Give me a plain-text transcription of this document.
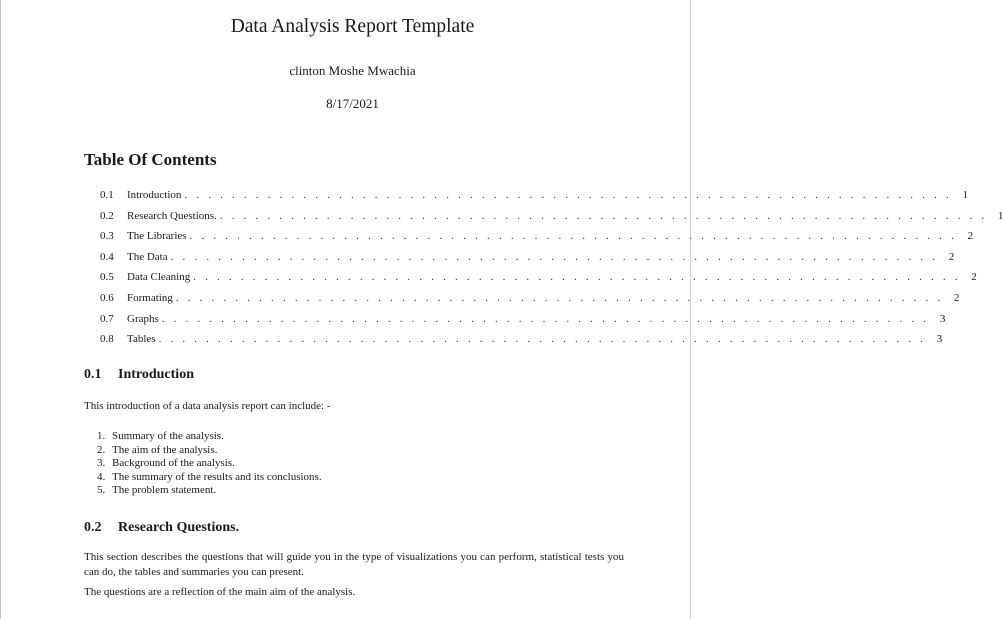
Data Analysis Report Template
clinton Moshe Mwachia
8/17/2021
Table Of Contents
0.1	Introduction . . . . . . . . . . . . . . . . . . . . . . . . . . . . . . . . . . . . . . . . . . . . . . . . . . . . . . . . . . . . . . . . . 1
0.2	Research Questions. . . . . . . . . . . . . . . . . . . . . . . . . . . . . . . . . . . . . . . . . . . . . . . . . . . . . . . . . . . . . . . . . . 1
0.3	The Libraries . . . . . . . . . . . . . . . . . . . . . . . . . . . . . . . . . . . . . . . . . . . . . . . . . . . . . . . . . . . . . . . . . 2
0.4	The Data . . . . . . . . . . . . . . . . . . . . . . . . . . . . . . . . . . . . . . . . . . . . . . . . . . . . . . . . . . . . . . . . . 2
0.5	Data Cleaning . . . . . . . . . . . . . . . . . . . . . . . . . . . . . . . . . . . . . . . . . . . . . . . . . . . . . . . . . . . . . . . . . 2
0.6	Formating . . . . . . . . . . . . . . . . . . . . . . . . . . . . . . . . . . . . . . . . . . . . . . . . . . . . . . . . . . . . . . . . . 2
0.7	Graphs . . . . . . . . . . . . . . . . . . . . . . . . . . . . . . . . . . . . . . . . . . . . . . . . . . . . . . . . . . . . . . . . . 3
0.8	Tables . . . . . . . . . . . . . . . . . . . . . . . . . . . . . . . . . . . . . . . . . . . . . . . . . . . . . . . . . . . . . . . . . 3
0.1 Introduction

This introduction of a data analysis report can include: -

1. Summary of the analysis.
2. The aim of the analysis.
3. Background of the analysis.
4. The summary of the results and its conclusions.
5. The problem statement.
0.2 Research Questions.

This section describes the questions that will guide you in the type of visualizations you can perform, statistical tests you can do, the tables and summaries you can present.

The questions are a reflection of the main aim of the analysis.
